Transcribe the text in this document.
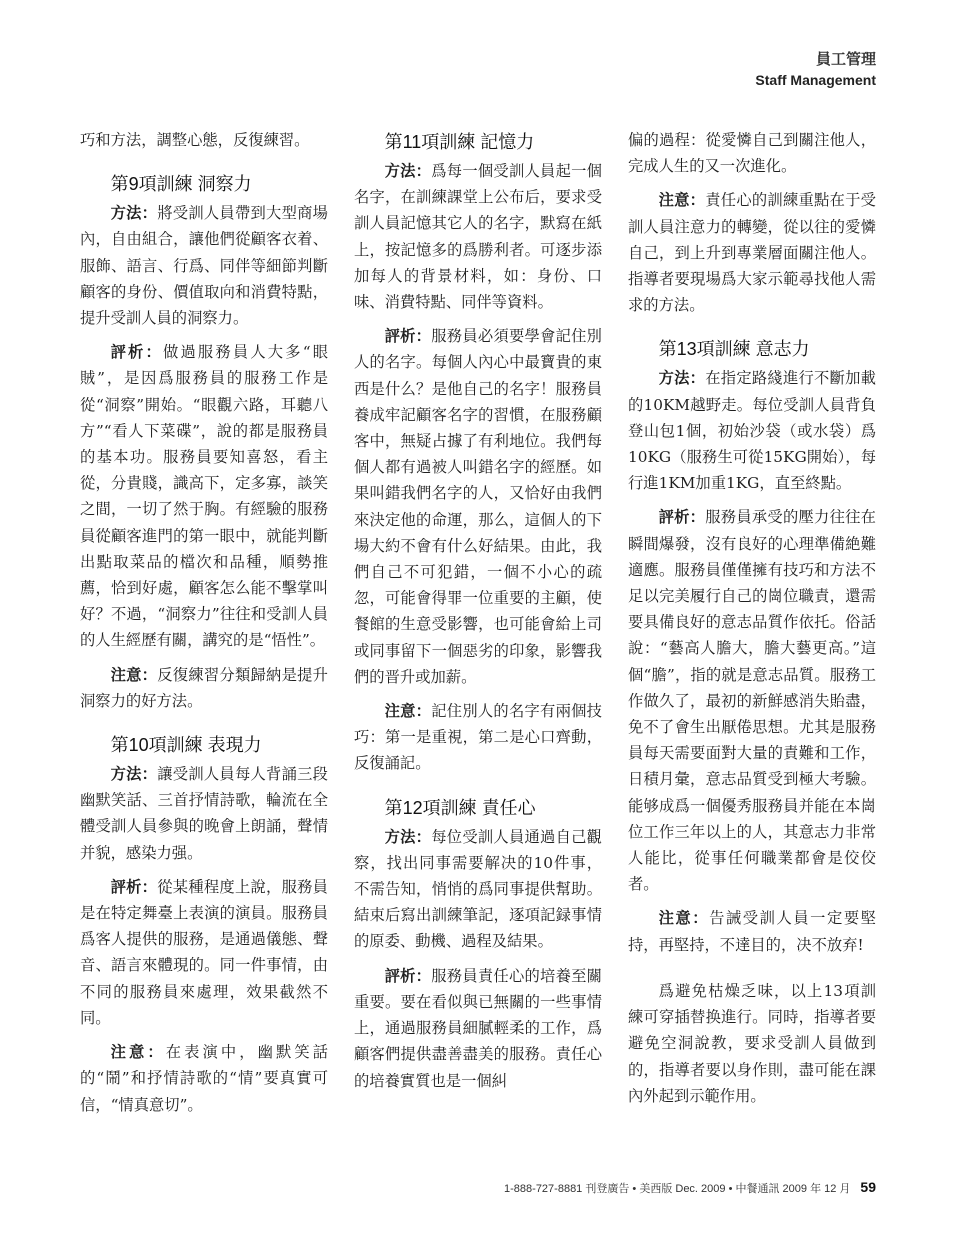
員工管理
Staff Management

巧和方法，調整心態，反復練習。

第9項訓練 洞察力

方法：將受訓人員帶到大型商場內，自由組合，讓他們從顧客衣着、服飾、語言、行爲、同伴等細節判斷顧客的身份、價值取向和消費特點，提升受訓人員的洞察力。

評析：做過服務員人大多“眼賊”，是因爲服務員的服務工作是從“洞察”開始。“眼觀六路，耳聽八方”“看人下菜碟”，說的都是服務員的基本功。服務員要知喜怒，看主從，分貴賤，識高下，定多寡，談笑之間，一切了然于胸。有經驗的服務員從顧客進門的第一眼中，就能判斷出點取菜品的檔次和品種，順勢推薦，恰到好處，顧客怎么能不擊掌叫好？不過，“洞察力”往往和受訓人員的人生經歷有關，講究的是“悟性”。

注意：反復練習分類歸納是提升洞察力的好方法。

第10項訓練 表現力

方法：讓受訓人員每人背誦三段幽默笑話、三首抒情詩歌，輪流在全體受訓人員參與的晚會上朗誦，聲情并貌，感染力强。

評析：從某種程度上說，服務員是在特定舞臺上表演的演員。服務員爲客人提供的服務，是通過儀態、聲音、語言來體現的。同一件事情，由不同的服務員來處理，效果截然不同。

注意：在表演中，幽默笑話的“鬧”和抒情詩歌的“情”要真實可信，“情真意切”。

第11項訓練 記憶力

方法：爲每一個受訓人員起一個名字，在訓練課堂上公布后，要求受訓人員記憶其它人的名字，默寫在紙上，按記憶多的爲勝利者。可逐步添加每人的背景材料，如：身份、口味、消費特點、同伴等資料。

評析：服務員必須要學會記住別人的名字。每個人內心中最寶貴的東西是什么？是他自己的名字！服務員養成牢記顧客名字的習慣，在服務顧客中，無疑占據了有利地位。我們每個人都有過被人叫錯名字的經歷。如果叫錯我們名字的人，又恰好由我們來決定他的命運，那么，這個人的下場大約不會有什么好結果。由此，我們自己不可犯錯，一個不小心的疏忽，可能會得罪一位重要的主顧，使餐館的生意受影響，也可能會給上司或同事留下一個惡劣的印象，影響我們的晋升或加薪。

注意：記住別人的名字有兩個技巧：第一是重視，第二是心口齊動，反復誦記。

第12項訓練 責任心

方法：每位受訓人員通過自己觀察，找出同事需要解决的10件事，不需告知，悄悄的爲同事提供幫助。結束后寫出訓練筆記，逐項記録事情的原委、動機、過程及結果。

評析：服務員責任心的培養至關重要。要在看似與已無關的一些事情上，通過服務員細膩輕柔的工作，爲顧客們提供盡善盡美的服務。責任心的培養實質也是一個糾

偏的過程：從愛憐自己到關注他人，完成人生的又一次進化。

注意：責任心的訓練重點在于受訓人員注意力的轉變，從以往的愛憐自己，到上升到專業層面關注他人。指導者要現場爲大家示範尋找他人需求的方法。

第13項訓練 意志力

方法：在指定路綫進行不斷加載的10KM越野走。每位受訓人員背負登山包1個，初始沙袋（或水袋）爲10KG（服務生可從15KG開始），每行進1KM加重1KG，直至終點。

評析：服務員承受的壓力往往在瞬間爆發，沒有良好的心理準備絶難適應。服務員僅僅擁有技巧和方法不足以完美履行自己的崗位職責，還需要具備良好的意志品質作依托。俗話說：“藝高人膽大，膽大藝更高。”這個“膽”，指的就是意志品質。服務工作做久了，最初的新鮮感消失貽盡，免不了會生出厭倦思想。尤其是服務員每天需要面對大量的責難和工作，日積月彙，意志品質受到極大考驗。能够成爲一個優秀服務員并能在本崗位工作三年以上的人，其意志力非常人能比，從事任何職業都會是佼佼者。

注意：告誡受訓人員一定要堅持，再堅持，不達目的，决不放弃!

爲避免枯燥乏味，以上13項訓練可穿插替换進行。同時，指導者要避免空洞說教，要求受訓人員做到的，指導者要以身作則，盡可能在課內外起到示範作用。

1-888-727-8881 刊登廣告 • 美西版 Dec. 2009 • 中餐通訊 2009 年 12 月 59
